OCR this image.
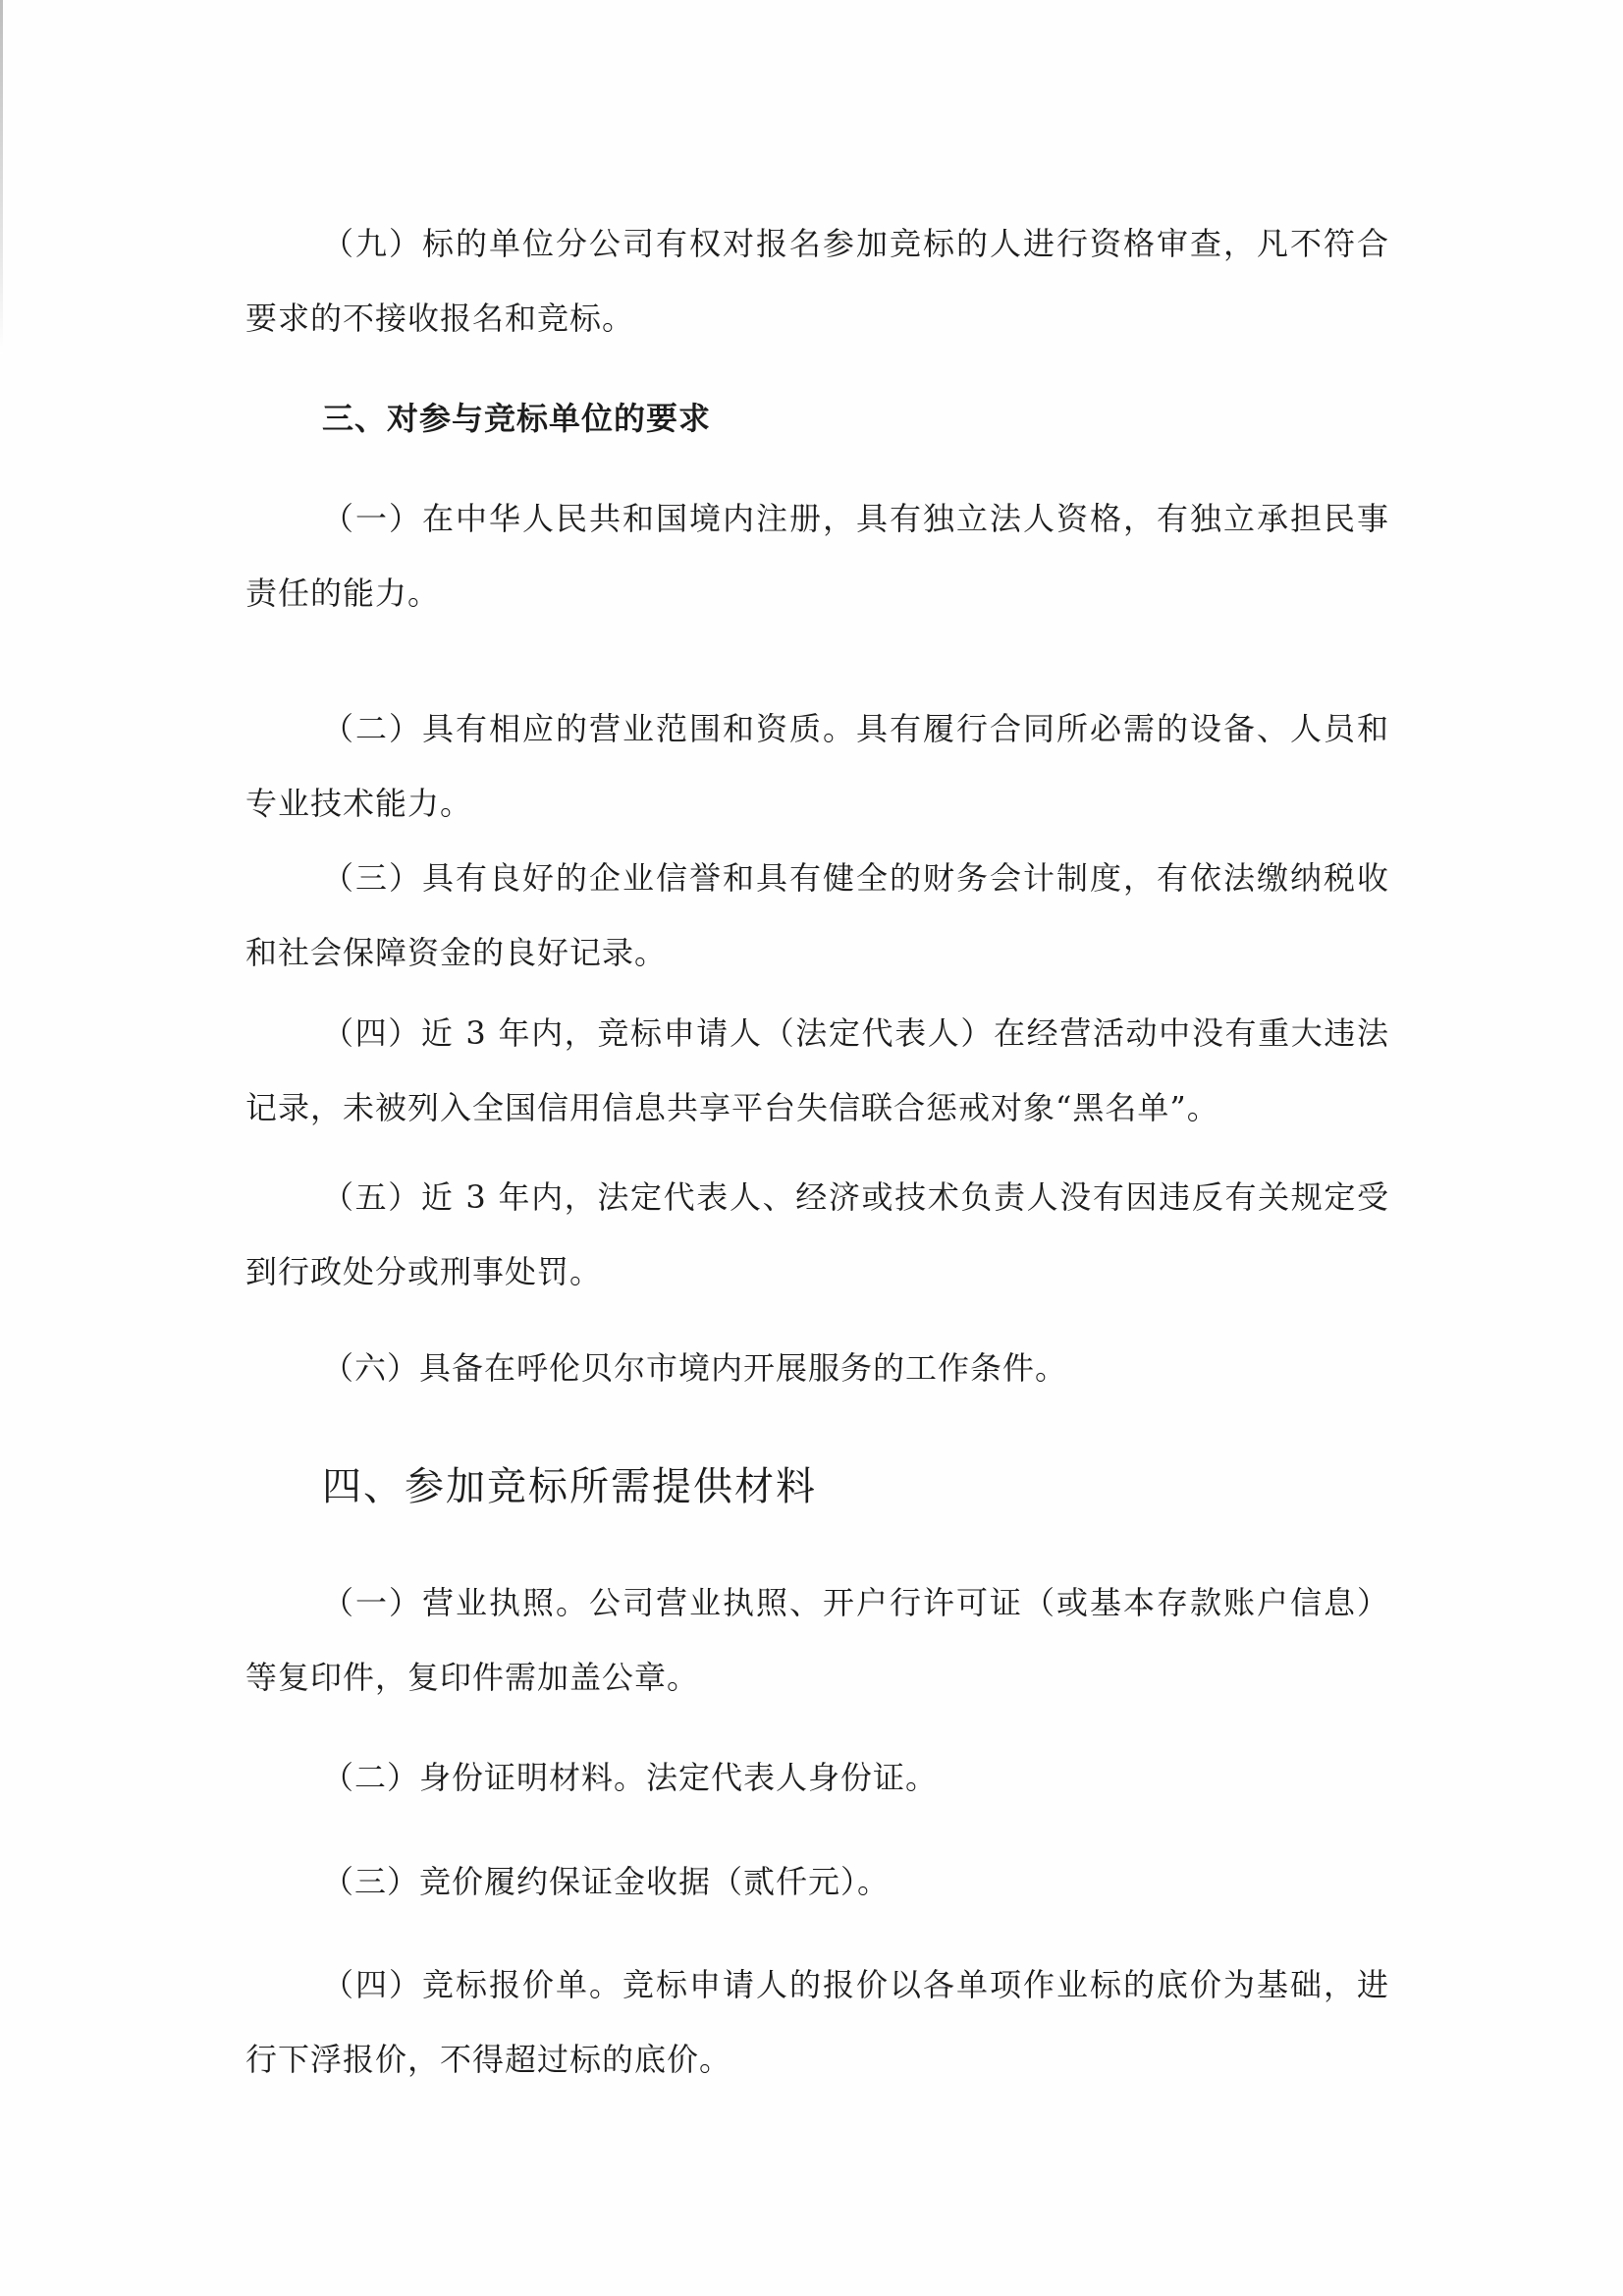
（九）标的单位分公司有权对报名参加竞标的人进行资格审查，凡不符合要求的不接收报名和竞标。

三、对参与竞标单位的要求

（一）在中华人民共和国境内注册，具有独立法人资格，有独立承担民事责任的能力。

（二）具有相应的营业范围和资质。具有履行合同所必需的设备、人员和专业技术能力。

（三）具有良好的企业信誉和具有健全的财务会计制度，有依法缴纳税收和社会保障资金的良好记录。

（四）近 3 年内，竞标申请人（法定代表人）在经营活动中没有重大违法记录，未被列入全国信用信息共享平台失信联合惩戒对象“黑名单”。

（五）近 3 年内，法定代表人、经济或技术负责人没有因违反有关规定受到行政处分或刑事处罚。

（六）具备在呼伦贝尔市境内开展服务的工作条件。

四、参加竞标所需提供材料

（一）营业执照。公司营业执照、开户行许可证（或基本存款账户信息）等复印件，复印件需加盖公章。

（二）身份证明材料。法定代表人身份证。

（三）竞价履约保证金收据（贰仟元）。

（四）竞标报价单。竞标申请人的报价以各单项作业标的底价为基础，进行下浮报价，不得超过标的底价。
